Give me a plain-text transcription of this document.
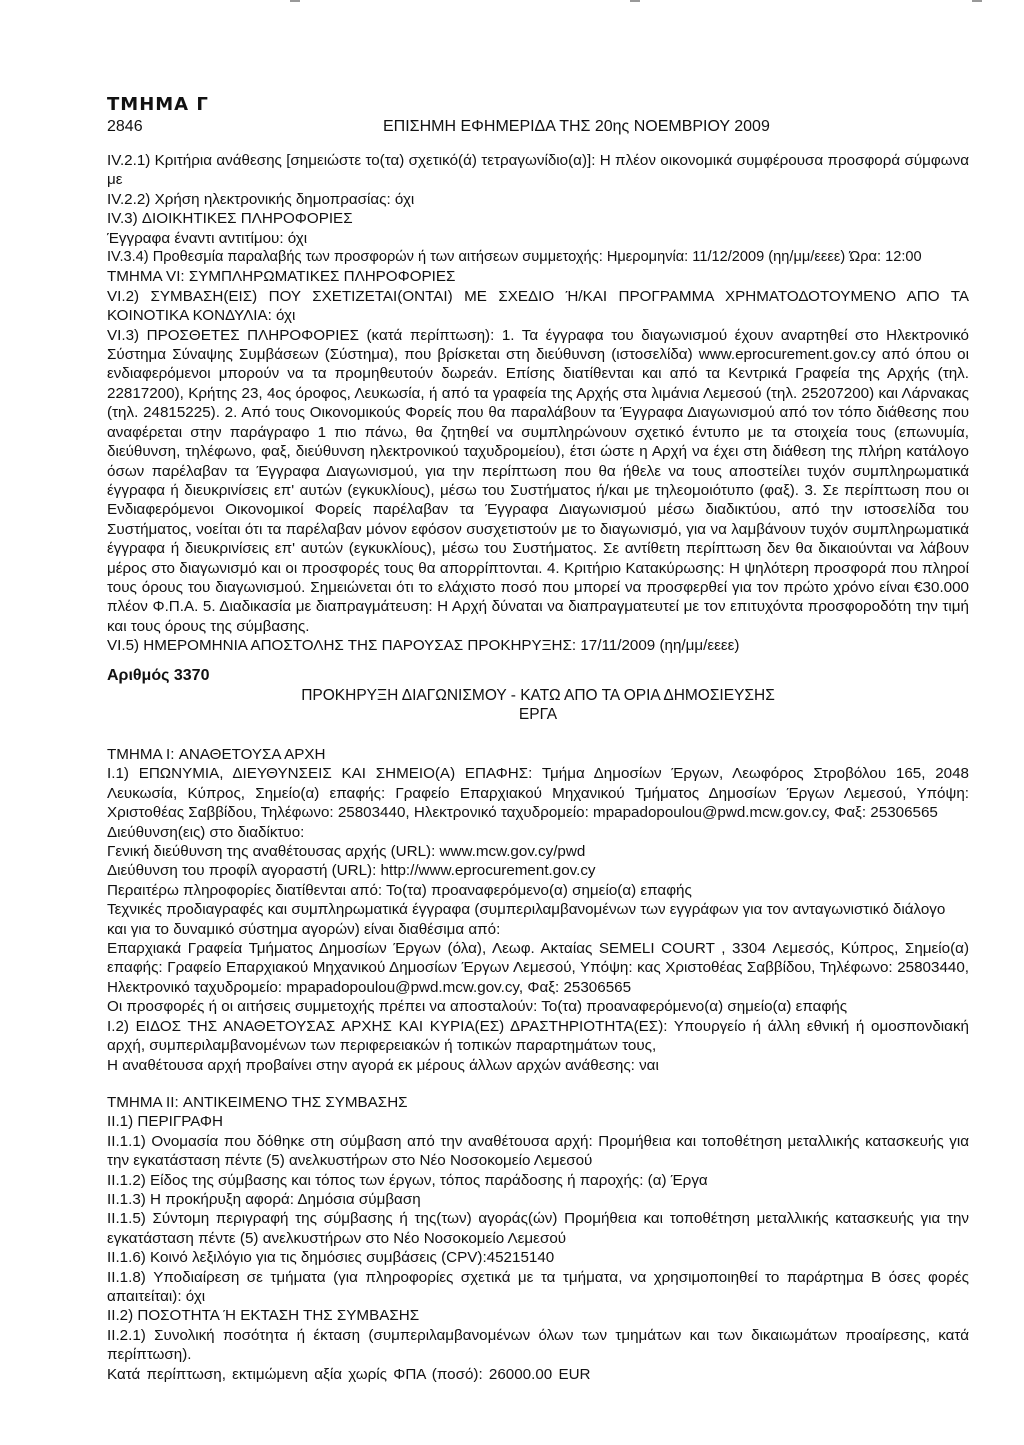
ΤΜΗΜΑ Γ
2846	ΕΠΙΣΗΜΗ ΕΦΗΜΕΡΙΔΑ ΤΗΣ 20ης ΝΟΕΜΒΡΙΟΥ 2009

IV.2.1) Κριτήρια ανάθεσης [σημειώστε το(τα) σχετικό(ά) τετραγωνίδιο(α)]: Η πλέον οικονομικά συμφέρουσα προσφορά σύμφωνα με

IV.2.2) Χρήση ηλεκτρονικής δημοπρασίας: όχι

IV.3) ΔΙΟΙΚΗΤΙΚΕΣ ΠΛΗΡΟΦΟΡΙΕΣ

Έγγραφα έναντι αντιτίμου: όχι

IV.3.4) Προθεσμία παραλαβής των προσφορών ή των αιτήσεων συμμετοχής: Ημερομηνία: 11/12/2009 (ηη/μμ/εεεε) Ώρα: 12:00

ΤΜΗΜΑ VI: ΣΥΜΠΛΗΡΩΜΑΤΙΚΕΣ ΠΛΗΡΟΦΟΡΙΕΣ

VI.2) ΣΥΜΒΑΣΗ(ΕΙΣ) ΠΟΥ ΣΧΕΤΙΖΕΤΑΙ(ΟΝΤΑΙ) ΜΕ ΣΧΕΔΙΟ Ή/ΚΑΙ ΠΡΟΓΡΑΜΜΑ ΧΡΗΜΑΤΟΔΟΤΟΥΜΕΝΟ ΑΠΟ ΤΑ ΚΟΙΝΟΤΙΚΑ ΚΟΝΔΥΛΙΑ: όχι

VI.3) ΠΡΟΣΘΕΤΕΣ ΠΛΗΡΟΦΟΡΙΕΣ (κατά περίπτωση): 1. Τα έγγραφα του διαγωνισμού έχουν αναρτηθεί στο Ηλεκτρονικό Σύστημα Σύναψης Συμβάσεων (Σύστημα), που βρίσκεται στη διεύθυνση (ιστοσελίδα) www.eprocurement.gov.cy από όπου οι ενδιαφερόμενοι μπορούν να τα προμηθευτούν δωρεάν. Επίσης διατίθενται και από τα Κεντρικά Γραφεία της Αρχής (τηλ. 22817200), Κρήτης 23, 4ος όροφος, Λευκωσία, ή από τα γραφεία της Αρχής στα λιμάνια Λεμεσού (τηλ. 25207200) και Λάρνακας (τηλ. 24815225). 2. Από τους Οικονομικούς Φορείς που θα παραλάβουν τα Έγγραφα Διαγωνισμού από τον τόπο διάθεσης που αναφέρεται στην παράγραφο 1 πιο πάνω, θα ζητηθεί να συμπληρώνουν σχετικό έντυπο με τα στοιχεία τους (επωνυμία, διεύθυνση, τηλέφωνο, φαξ, διεύθυνση ηλεκτρονικού ταχυδρομείου), έτσι ώστε η Αρχή να έχει στη διάθεση της πλήρη κατάλογο όσων παρέλαβαν τα Έγγραφα Διαγωνισμού, για την περίπτωση που θα ήθελε να τους αποστείλει τυχόν συμπληρωματικά έγγραφα ή διευκρινίσεις επ' αυτών (εγκυκλίους), μέσω του Συστήματος ή/και με τηλεομοιότυπο (φαξ). 3. Σε περίπτωση που οι Ενδιαφερόμενοι Οικονομικοί Φορείς παρέλαβαν τα Έγγραφα Διαγωνισμού μέσω διαδικτύου, από την ιστοσελίδα του Συστήματος, νοείται ότι τα παρέλαβαν μόνον εφόσον συσχετιστούν με το διαγωνισμό, για να λαμβάνουν τυχόν συμπληρωματικά έγγραφα ή διευκρινίσεις επ' αυτών (εγκυκλίους), μέσω του Συστήματος. Σε αντίθετη περίπτωση δεν θα δικαιούνται να λάβουν μέρος στο διαγωνισμό και οι προσφορές τους θα απορρίπτονται. 4. Κριτήριο Κατακύρωσης: Η ψηλότερη προσφορά που πληροί τους όρους του διαγωνισμού. Σημειώνεται ότι το ελάχιστο ποσό που μπορεί να προσφερθεί για τον πρώτο χρόνο είναι €30.000 πλέον Φ.Π.Α. 5. Διαδικασία με διαπραγμάτευση: Η Αρχή δύναται να διαπραγματευτεί με τον επιτυχόντα προσφοροδότη την τιμή και τους όρους της σύμβασης.

VI.5) ΗΜΕΡΟΜΗΝΙΑ ΑΠΟΣΤΟΛΗΣ ΤΗΣ ΠΑΡΟΥΣΑΣ ΠΡΟΚΗΡΥΞΗΣ: 17/11/2009 (ηη/μμ/εεεε)

Αριθμός 3370

ΠΡΟΚΗΡΥΞΗ ΔΙΑΓΩΝΙΣΜΟΥ - ΚΑΤΩ ΑΠΟ ΤΑ ΟΡΙΑ ΔΗΜΟΣΙΕΥΣΗΣ

ΕΡΓΑ

ΤΜΗΜΑ I: ΑΝΑΘΕΤΟΥΣΑ ΑΡΧΗ

I.1) ΕΠΩΝΥΜΙΑ, ΔΙΕΥΘΥΝΣΕΙΣ ΚΑΙ ΣΗΜΕΙΟ(Α) ΕΠΑΦΗΣ: Τμήμα Δημοσίων Έργων, Λεωφόρος Στροβόλου 165, 2048 Λευκωσία, Κύπρος, Σημείο(α) επαφής: Γραφείο Επαρχιακού Μηχανικού Τμήματος Δημοσίων Έργων Λεμεσού, Υπόψη: Χριστοθέας Σαββίδου, Τηλέφωνο: 25803440, Ηλεκτρονικό ταχυδρομείο: mpapadopoulou@pwd.mcw.gov.cy, Φαξ: 25306565

Διεύθυνση(εις) στο διαδίκτυο:

Γενική διεύθυνση της αναθέτουσας αρχής (URL): www.mcw.gov.cy/pwd

Διεύθυνση του προφίλ αγοραστή (URL): http://www.eprocurement.gov.cy

Περαιτέρω πληροφορίες διατίθενται από: Το(τα) προαναφερόμενο(α) σημείο(α) επαφής

Τεχνικές προδιαγραφές και συμπληρωματικά έγγραφα (συμπεριλαμβανομένων των εγγράφων για τον ανταγωνιστικό διάλογο και για το δυναμικό σύστημα αγορών) είναι διαθέσιμα από:

Επαρχιακά Γραφεία Τμήματος Δημοσίων Έργων (όλα), Λεωφ. Ακταίας SEMELI COURT , 3304 Λεμεσός, Κύπρος, Σημείο(α) επαφής: Γραφείο Επαρχιακού Μηχανικού Δημοσίων Έργων Λεμεσού, Υπόψη: κας Χριστοθέας Σαββίδου, Τηλέφωνο: 25803440, Ηλεκτρονικό ταχυδρομείο: mpapadopoulou@pwd.mcw.gov.cy, Φαξ: 25306565

Οι προσφορές ή οι αιτήσεις συμμετοχής πρέπει να αποσταλούν: Το(τα) προαναφερόμενο(α) σημείο(α) επαφής

I.2) ΕΙΔΟΣ ΤΗΣ ΑΝΑΘΕΤΟΥΣΑΣ ΑΡΧΗΣ ΚΑΙ ΚΥΡΙΑ(ΕΣ) ΔΡΑΣΤΗΡΙΟΤΗΤΑ(ΕΣ): Υπουργείο ή άλλη εθνική ή ομοσπονδιακή αρχή, συμπεριλαμβανομένων των περιφερειακών ή τοπικών παραρτημάτων τους,

Η αναθέτουσα αρχή προβαίνει στην αγορά εκ μέρους άλλων αρχών ανάθεσης: ναι

ΤΜΗΜΑ II: ΑΝΤΙΚΕΙΜΕΝΟ ΤΗΣ ΣΥΜΒΑΣΗΣ

II.1) ΠΕΡΙΓΡΑΦΗ

II.1.1) Ονομασία που δόθηκε στη σύμβαση από την αναθέτουσα αρχή: Προμήθεια και τοποθέτηση μεταλλικής κατασκευής για την εγκατάσταση πέντε (5) ανελκυστήρων στο Νέο Νοσοκομείο Λεμεσού

II.1.2) Είδος της σύμβασης και τόπος των έργων, τόπος παράδοσης ή παροχής: (α) Έργα

II.1.3) Η προκήρυξη αφορά: Δημόσια σύμβαση

II.1.5) Σύντομη περιγραφή της σύμβασης ή της(των) αγοράς(ών) Προμήθεια και τοποθέτηση μεταλλικής κατασκευής για την εγκατάσταση πέντε (5) ανελκυστήρων στο Νέο Νοσοκομείο Λεμεσού

II.1.6) Κοινό λεξιλόγιο για τις δημόσιες συμβάσεις (CPV):45215140

II.1.8) Υποδιαίρεση σε τμήματα (για πληροφορίες σχετικά με τα τμήματα, να χρησιμοποιηθεί το παράρτημα Β όσες φορές απαιτείται): όχι

II.2) ΠΟΣΟΤΗΤΑ Ή ΕΚΤΑΣΗ ΤΗΣ ΣΥΜΒΑΣΗΣ

II.2.1) Συνολική ποσότητα ή έκταση (συμπεριλαμβανομένων όλων των τμημάτων και των δικαιωμάτων προαίρεσης, κατά περίπτωση).

Κατά περίπτωση, εκτιμώμενη αξία χωρίς ΦΠΑ (ποσό): 26000.00 EUR
